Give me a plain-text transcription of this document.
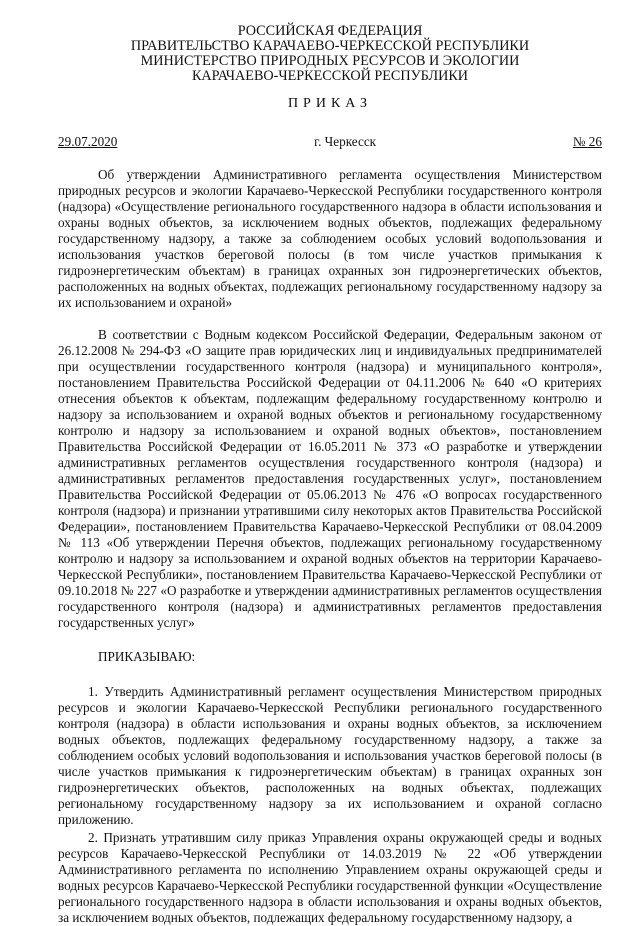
РОССИЙСКАЯ ФЕДЕРАЦИЯ
ПРАВИТЕЛЬСТВО КАРАЧАЕВО-ЧЕРКЕССКОЙ РЕСПУБЛИКИ
МИНИСТЕРСТВО ПРИРОДНЫХ РЕСУРСОВ И ЭКОЛОГИИ
КАРАЧАЕВО-ЧЕРКЕССКОЙ РЕСПУБЛИКИ
ПРИКАЗ
29.07.2020	г. Черкесск	№ 26

Об утверждении Административного регламента осуществления Министерством природных ресурсов и экологии Карачаево-Черкесской Республики государственного контроля (надзора) «Осуществление регионального государственного надзора в области использования и охраны водных объектов, за исключением водных объектов, подлежащих федеральному государственному надзору, а также за соблюдением особых условий водопользования и использования участков береговой полосы (в том числе участков примыкания к гидроэнергетическим объектам) в границах охранных зон гидроэнергетических объектов, расположенных на водных объектах, подлежащих региональному государственному надзору за их использованием и охраной»

В соответствии с Водным кодексом Российской Федерации, Федеральным законом от 26.12.2008 № 294-ФЗ «О защите прав юридических лиц и индивидуальных предпринимателей при осуществлении государственного контроля (надзора) и муниципального контроля», постановлением Правительства Российской Федерации от 04.11.2006 № 640 «О критериях отнесения объектов к объектам, подлежащим федеральному государственному контролю и надзору за использованием и охраной водных объектов и региональному государственному контролю и надзору за использованием и охраной водных объектов», постановлением Правительства Российской Федерации от 16.05.2011 № 373 «О разработке и утверждении административных регламентов осуществления государственного контроля (надзора) и административных регламентов предоставления государственных услуг», постановлением Правительства Российской Федерации от 05.06.2013 № 476 «О вопросах государственного контроля (надзора) и признании утратившими силу некоторых актов Правительства Российской Федерации», постановлением Правительства Карачаево-Черкесской Республики от 08.04.2009 № 113 «Об утверждении Перечня объектов, подлежащих региональному государственному контролю и надзору за использованием и охраной водных объектов на территории Карачаево-Черкесской Республики», постановлением Правительства Карачаево-Черкесской Республики от 09.10.2018 № 227 «О разработке и утверждении административных регламентов осуществления государственного контроля (надзора) и административных регламентов предоставления государственных услуг»

ПРИКАЗЫВАЮ:

1. Утвердить Административный регламент осуществления Министерством природных ресурсов и экологии Карачаево-Черкесской Республики регионального государственного контроля (надзора) в области использования и охраны водных объектов, за исключением водных объектов, подлежащих федеральному государственному надзору, а также за соблюдением особых условий водопользования и использования участков береговой полосы (в числе участков примыкания к гидроэнергетическим объектам) в границах охранных зон гидроэнергетических объектов, расположенных на водных объектах, подлежащих региональному государственному надзору за их использованием и охраной согласно приложению.

2. Признать утратившим силу приказ Управления охраны окружающей среды и водных ресурсов Карачаево-Черкесской Республики от 14.03.2019 № 22 «Об утверждении Административного регламента по исполнению Управлением охраны окружающей среды и водных ресурсов Карачаево-Черкесской Республики государственной функции «Осуществление регионального государственного надзора в области использования и охраны водных объектов, за исключением водных объектов, подлежащих федеральному государственному надзору, а
